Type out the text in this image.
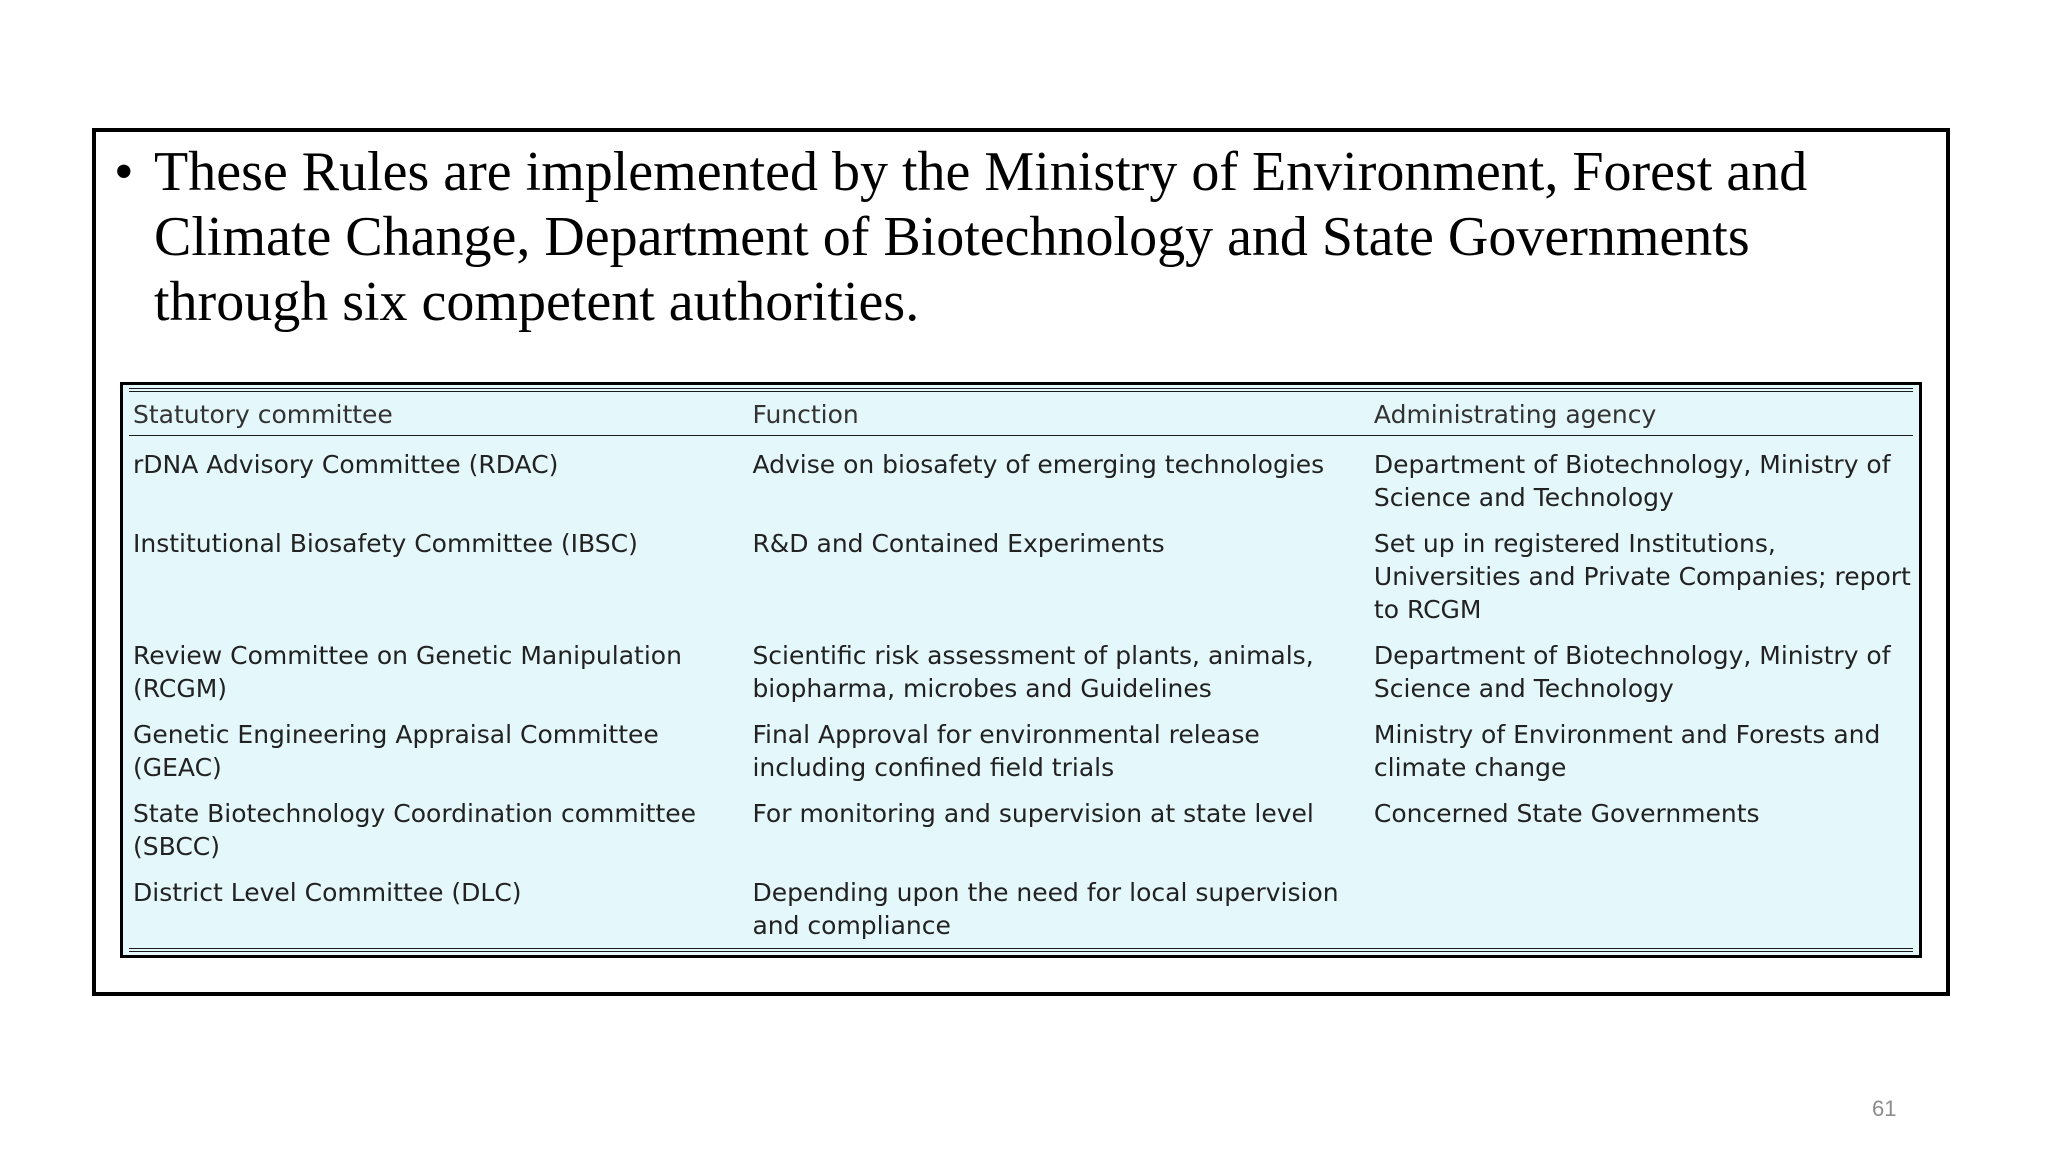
• These Rules are implemented by the Ministry of Environment, Forest and Climate Change, Department of Biotechnology and State Governments through six competent authorities.

Statutory committee	Function	Administrating agency
rDNA Advisory Committee (RDAC)	Advise on biosafety of emerging technologies	Department of Biotechnology, Ministry of Science and Technology
Institutional Biosafety Committee (IBSC)	R&D and Contained Experiments	Set up in registered Institutions, Universities and Private Companies; report to RCGM
Review Committee on Genetic Manipulation (RCGM)	Scientific risk assessment of plants, animals, biopharma, microbes and Guidelines	Department of Biotechnology, Ministry of Science and Technology
Genetic Engineering Appraisal Committee (GEAC)	Final Approval for environmental release including confined field trials	Ministry of Environment and Forests and climate change
State Biotechnology Coordination committee (SBCC)	For monitoring and supervision at state level	Concerned State Governments
District Level Committee (DLC)	Depending upon the need for local supervision and compliance	
61
